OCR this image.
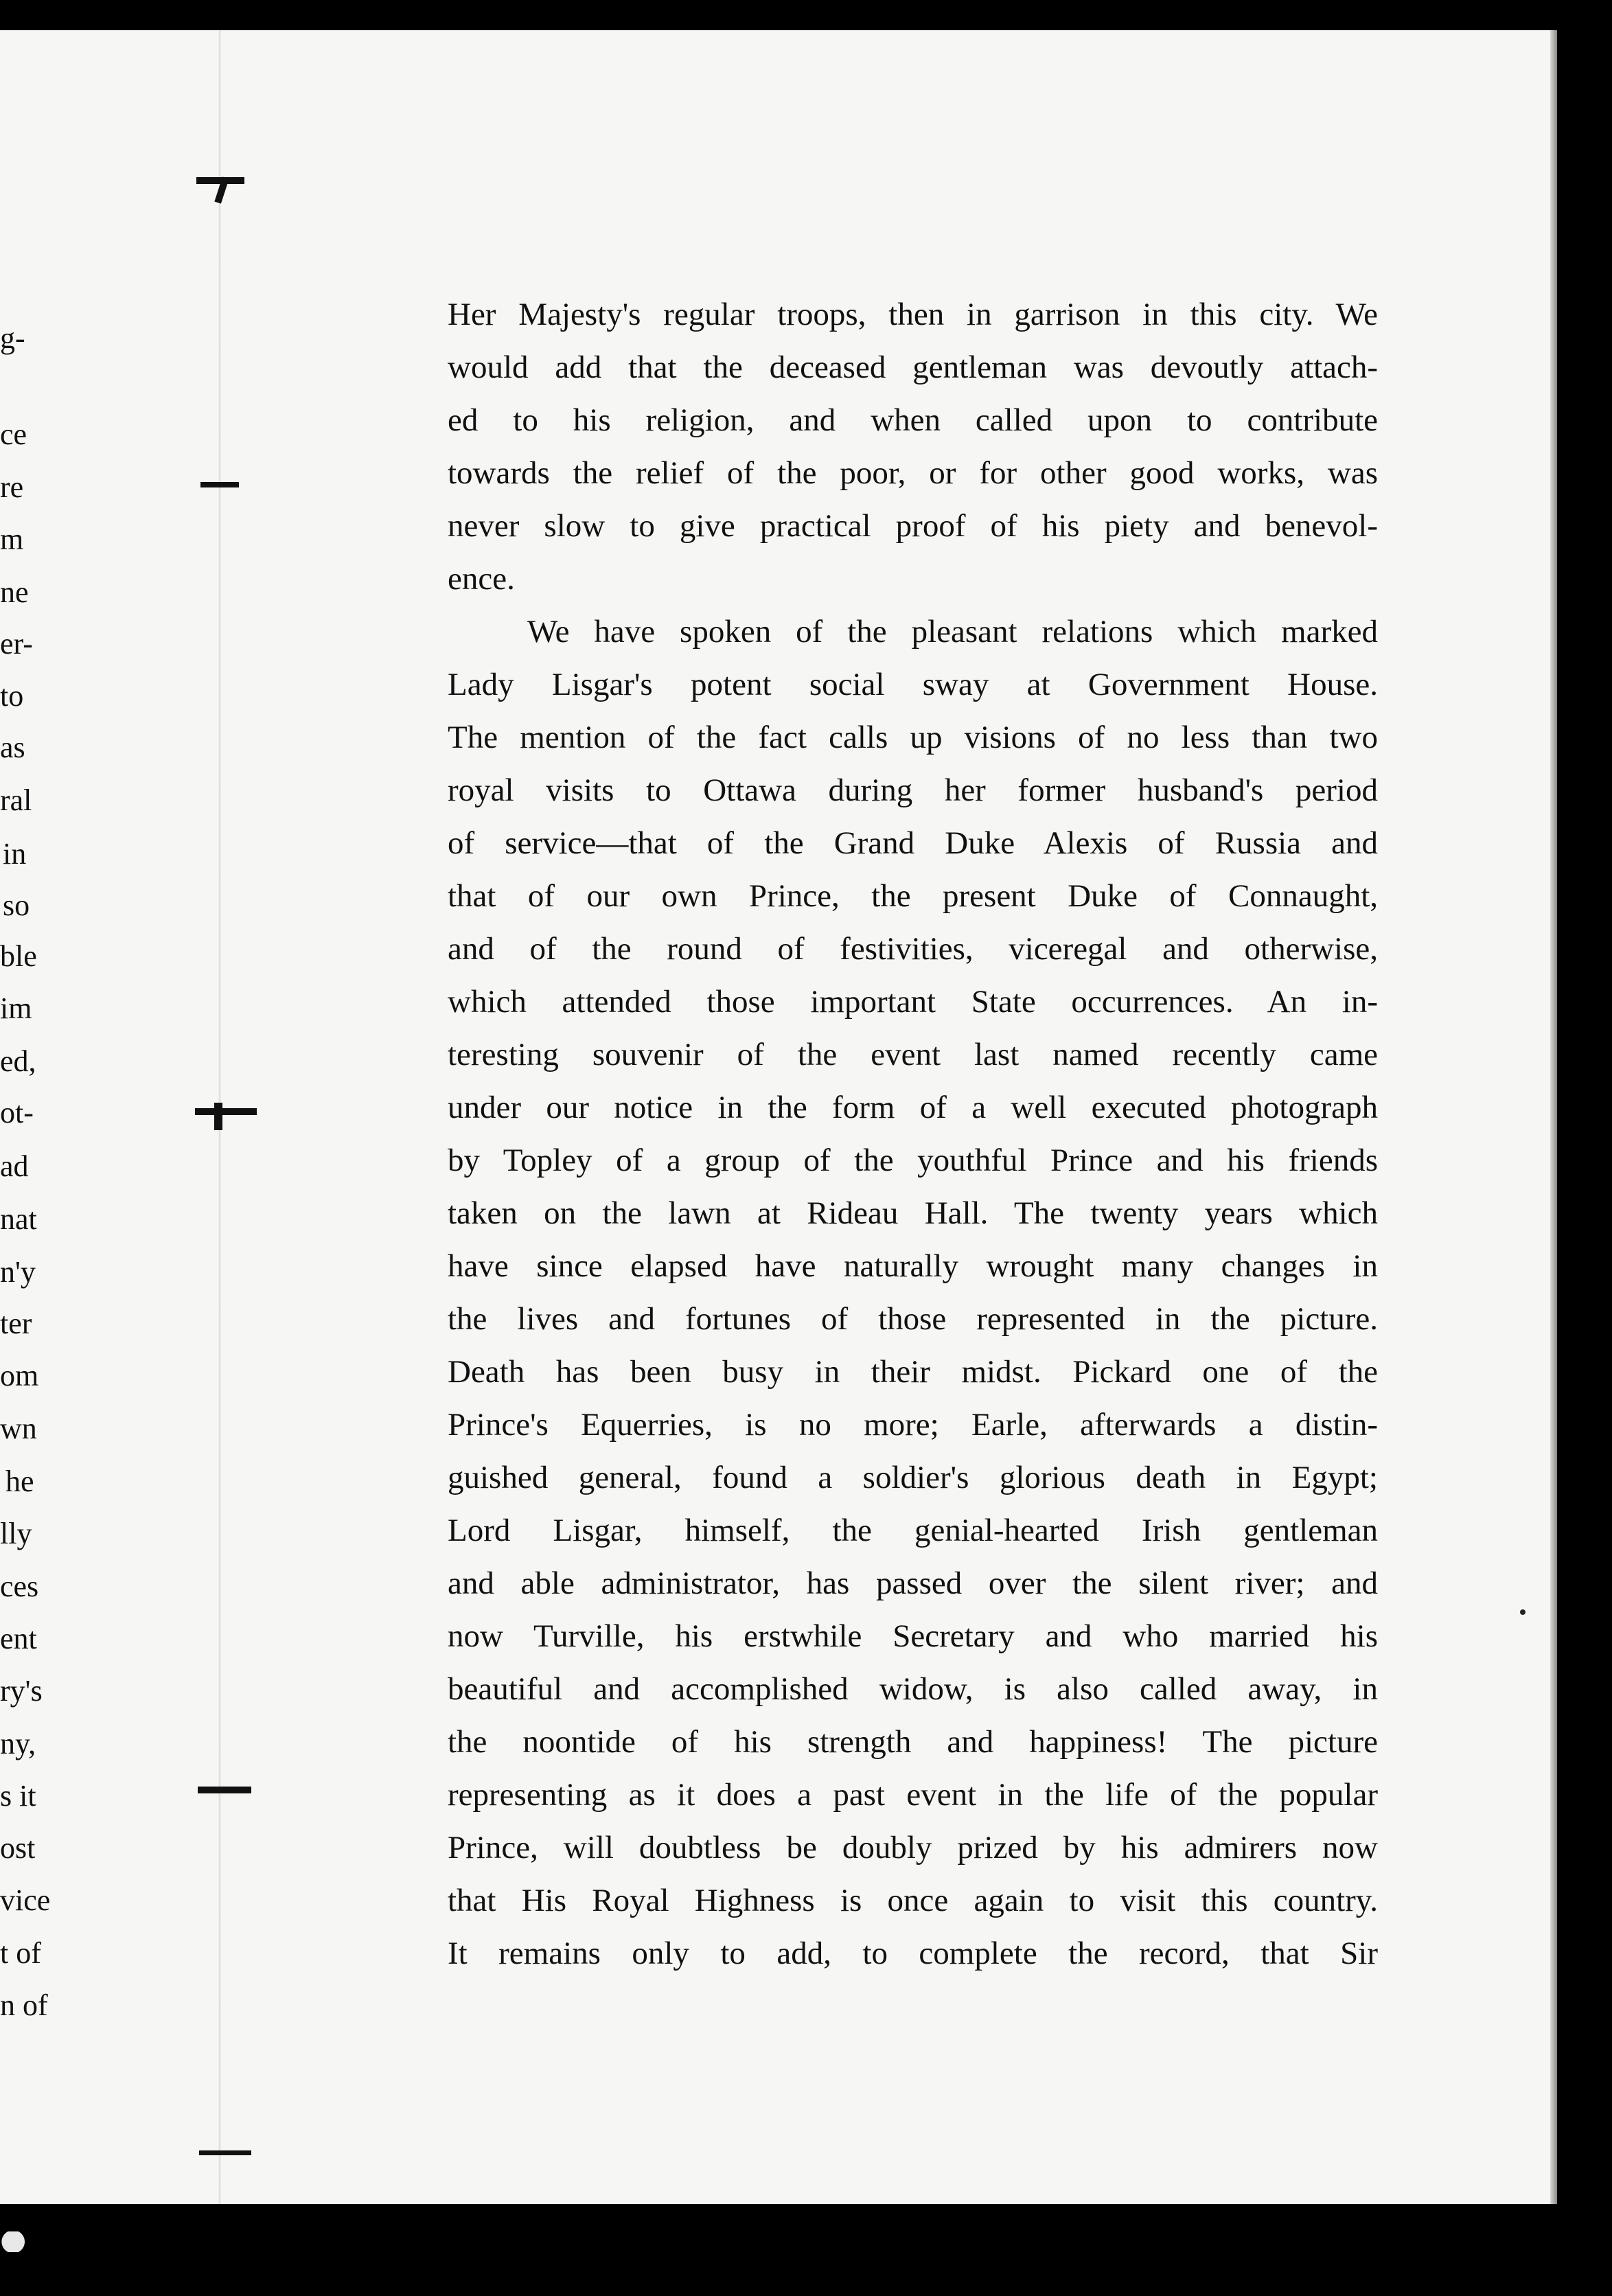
g-
ce
re
m
ne
er-
to
as
ral
in
so
ble
im
ed,
ot-
ad
nat
n'y
ter
om
wn
he
lly
ces
ent
ry's
ny,
s it
ost
vice
t of
n of
Her Majesty's regular troops, then in garrison in this city. We
would add that the deceased gentleman was devoutly attach-
ed to his religion, and when called upon to contribute
towards the relief of the poor, or for other good works, was
never slow to give practical proof of his piety and benevol-
ence.
We have spoken of the pleasant relations which marked
Lady Lisgar's potent social sway at Government House.
The mention of the fact calls up visions of no less than two
royal visits to Ottawa during her former husband's period
of service—that of the Grand Duke Alexis of Russia and
that of our own Prince, the present Duke of Connaught,
and of the round of festivities, viceregal and otherwise,
which attended those important State occurrences. An in-
teresting souvenir of the event last named recently came
under our notice in the form of a well executed photograph
by Topley of a group of the youthful Prince and his friends
taken on the lawn at Rideau Hall. The twenty years which
have since elapsed have naturally wrought many changes in
the lives and fortunes of those represented in the picture.
Death has been busy in their midst. Pickard one of the
Prince's Equerries, is no more; Earle, afterwards a distin-
guished general, found a soldier's glorious death in Egypt;
Lord Lisgar, himself, the genial-hearted Irish gentleman
and able administrator, has passed over the silent river; and
now Turville, his erstwhile Secretary and who married his
beautiful and accomplished widow, is also called away, in
the noontide of his strength and happiness! The picture
representing as it does a past event in the life of the popular
Prince, will doubtless be doubly prized by his admirers now
that His Royal Highness is once again to visit this country.
It remains only to add, to complete the record, that Sir
